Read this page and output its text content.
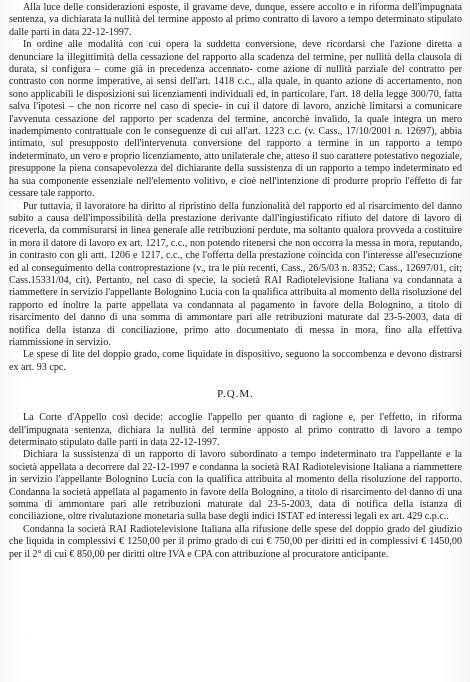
Alla luce delle considerazioni esposte, il gravame deve, dunque, essere accolto e in riforma dell'impugnata sentenza, va dichiarata la nullità del termine apposto al primo contratto di lavoro a tempo determinato stipulato dalle parti in data 22-12-1997.

In ordine alle modalità con cui opera la suddetta conversione, deve ricordarsi che l'azione diretta a denunciare la illegittimità della cessazione del rapporto alla scadenza del termine, per nullità della clausola di durata, si configura – come già in precedenza accennato- come azione di nullità parziale del contratto per contrasto con norme imperative, ai sensi dell'art. 1418 c.c., alla quale, in quanto azione di accertamento, non sono applicabili le disposizioni sui licenziamenti individuali ed, in particolare, l'art. 18 della legge 300/70, fatta salva l'ipotesi – che non ricorre nel caso di specie- in cui il datore di lavoro, anzichè limitarsi a comunicare l'avvenuta cessazione del rapporto per scadenza del termine, ancorchè invalido, la quale integra un mero inadempimento contrattuale con le conseguenze di cui all'art. 1223 c.c. (v. Cass., 17/10/2001 n. 12697), abbia intimato, sul presupposto dell'intervenuta conversione del rapporto a termine in un rapporto a tempo indeterminato, un vero e proprio licenziamento, atto unilaterale che, atteso il suo carattere potestativo negoziale, presuppone la piena consapevolezza del dichiarante della sussistenza di un rapporto a tempo indeterminato ed ha sua componente essenziale nell'elemento volitivo, e cioè nell'intenzione di produrre proprio l'effetto di far cessare tale rapporto.

Pur tuttavia, il lavoratore ha diritto al ripristino della funzionalità del rapporto ed al risarcimento del danno subito a causa dell'impossibilità della prestazione derivante dall'ingiustificato rifiuto del datore di lavoro di riceverla, da commisurarsi in linea generale alle retribuzioni perdute, ma soltanto qualora provveda a costituire in mora il datore di lavoro ex art. 1217, c.c., non potendo ritenersi che non occorra la messa in mora, reputando, in contrasto con gli artt. 1206 e 1217, c.c., che l'offerta della prestazione coincida con l'interesse all'esecuzione ed al conseguimento della controprestazione (v., tra le più recenti, Cass., 26/5/03 n. 8352; Cass., 12697/01, cit; Cass.15331/04, cit). Pertanto, nel caso di specie, la società RAI Radiotelevisione Italiana va condannata a riammettere in servizio l'appellante Bolognino Lucia con la qualifica attribuita al momento della risoluzione del rapporto ed inoltre la parte appellata va condannata al pagamento in favore della Bolognino, a titolo di risarcimento del danno di una somma di ammontare pari alle retribuzioni maturate dal 23-5-2003, data di notifica della istanza di conciliazione, primo atto documentato di messa in mora, fino alla effettiva riammissione in servizio.

Le spese di lite del doppio grado, come liquidate in dispositivo, seguono la soccombenza e devono distrarsi ex art. 93 cpc.

P.Q.M.

La Corte d'Appello così decide: accoglie l'appello per quanto di ragione e, per l'effetto, in riforma dell'impugnata sentenza, dichiara la nullità del termine apposto al primo contratto di lavoro a tempo determinato stipulato dalle parti in data 22-12-1997.

Dichiara la sussistenza di un rapporto di lavoro subordinato a tempo indeterminato tra l'appellante e la società appellata a decorrere dal 22-12-1997 e condanna la società RAI Radiotelevisione Italiana a riammettere in servizio l'appellante Bolognino Lucia con la qualifica attribuita al momento della risoluzione del rapporto. Condanna la società appellata al pagamento in favore della Bolognino, a titolo di risarcimento del danno di una somma di ammontare pari alle retribuzioni maturate dal 23-5-2003, data di notifica della istanza di conciliazione, oltre rivalutazione monetaria sulla base degli indici ISTAT ed interessi legali ex art. 429 c.p.c..

Condanna la società RAI Radiotelevisione Italiana alla rifusione delle spese del doppio grado del giudizio che liquida in complessivi € 1250,00 per il primo grado di cui € 750,00 per diritti ed in complessivi € 1450,00 per il 2° di cui € 850,00 per diritti oltre IVA e CPA con attribuzione al procuratore anticipante.
